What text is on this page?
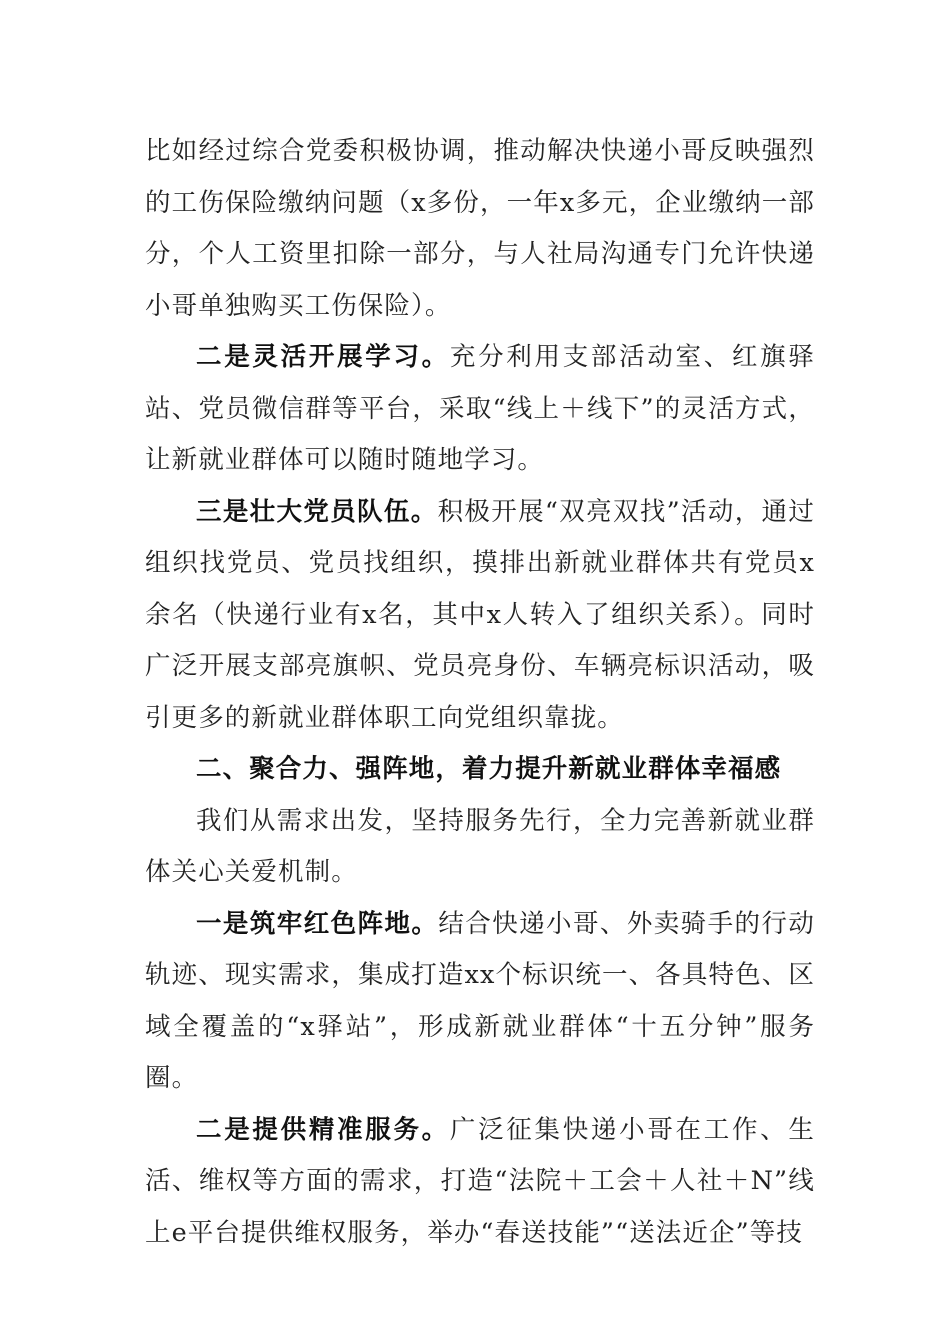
比如经过综合党委积极协调，推动解决快递小哥反映强烈的工伤保险缴纳问题（x多份，一年x多元，企业缴纳一部分，个人工资里扣除一部分，与人社局沟通专门允许快递小哥单独购买工伤保险）。

二是灵活开展学习。充分利用支部活动室、红旗驿站、党员微信群等平台，采取“线上＋线下”的灵活方式，让新就业群体可以随时随地学习。

三是壮大党员队伍。积极开展“双亮双找”活动，通过组织找党员、党员找组织，摸排出新就业群体共有党员x余名（快递行业有x名，其中x人转入了组织关系）。同时广泛开展支部亮旗帜、党员亮身份、车辆亮标识活动，吸引更多的新就业群体职工向党组织靠拢。

二、聚合力、强阵地，着力提升新就业群体幸福感

我们从需求出发，坚持服务先行，全力完善新就业群体关心关爱机制。

一是筑牢红色阵地。结合快递小哥、外卖骑手的行动轨迹、现实需求，集成打造xx个标识统一、各具特色、区域全覆盖的“x驿站”，形成新就业群体“十五分钟”服务圈。

二是提供精准服务。广泛征集快递小哥在工作、生活、维权等方面的需求，打造“法院＋工会＋人社＋N”线上e平台提供维权服务，举办“春送技能”“送法近企”等技
